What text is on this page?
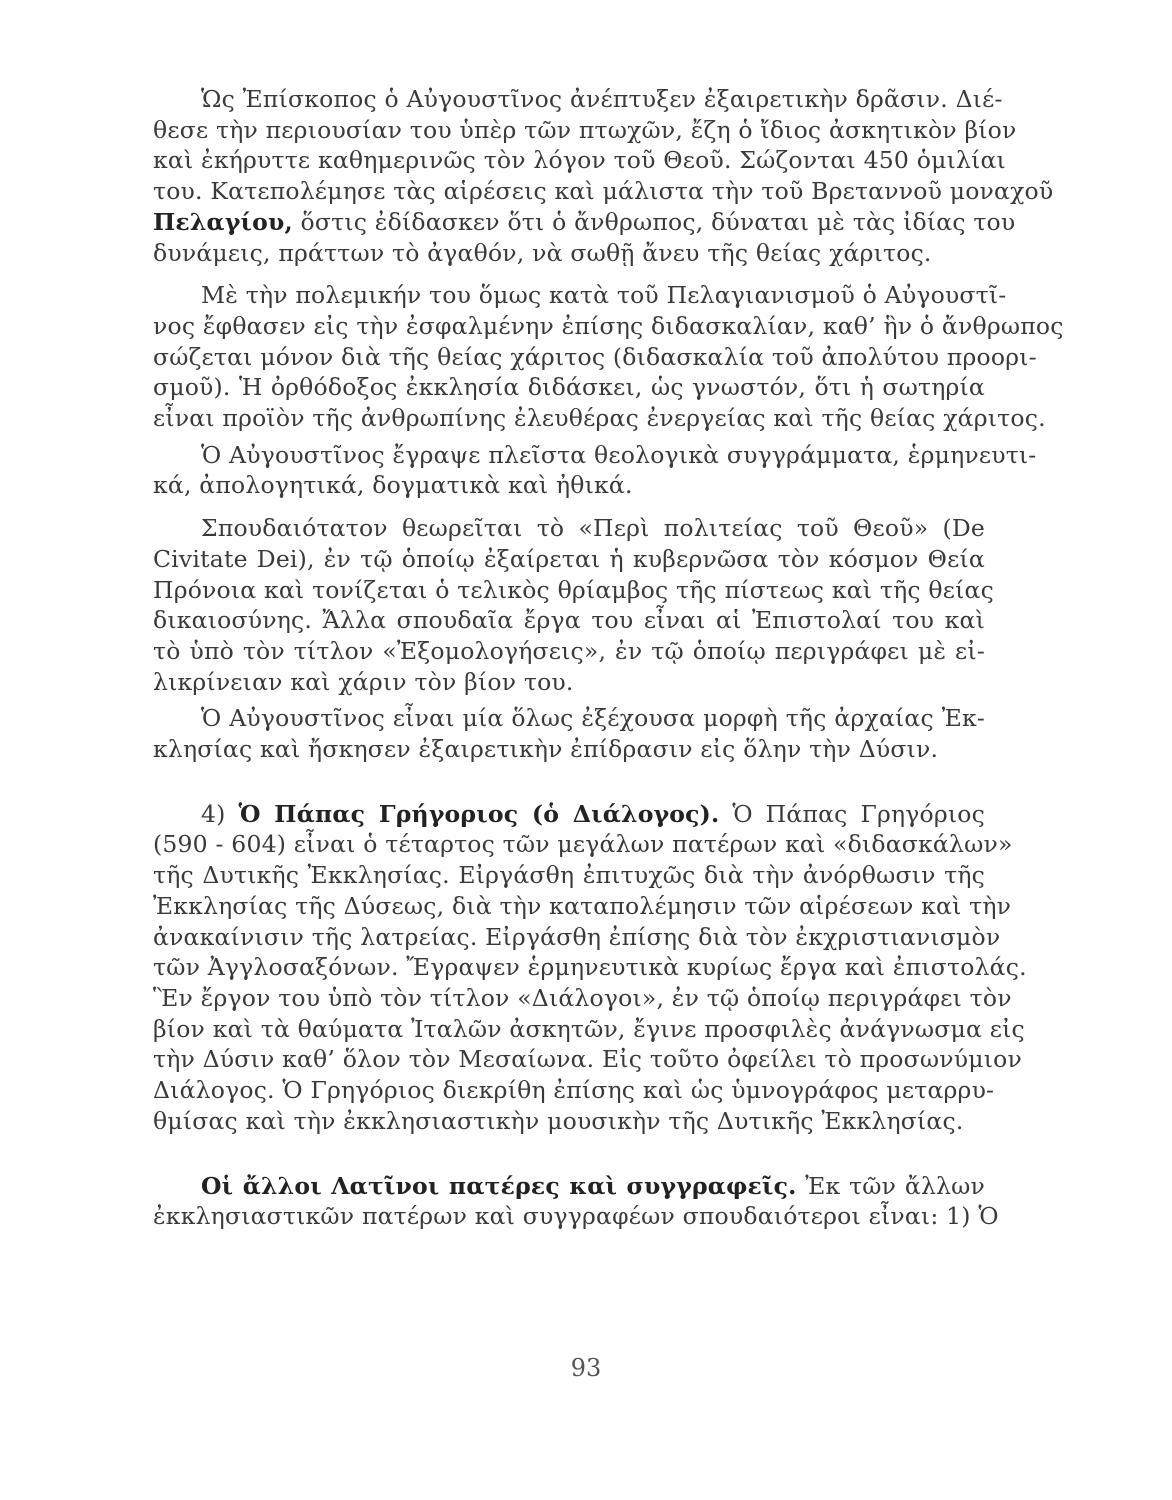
Ὡς Ἐπίσκοπος ὁ Αὐγουστῖνος ἀνέπτυξεν ἐξαιρετικὴν δρᾶσιν. Διέ-
θεσε τὴν περιουσίαν του ὑπὲρ τῶν πτωχῶν, ἔζη ὁ ἴδιος ἀσκητικὸν βίον
καὶ ἐκήρυττε καθημερινῶς τὸν λόγον τοῦ Θεοῦ. Σώζονται 450 ὁμιλίαι
του. Κατεπολέμησε τὰς αἱρέσεις καὶ μάλιστα τὴν τοῦ Βρεταννοῦ μοναχοῦ
Πελαγίου, ὅστις ἐδίδασκεν ὅτι ὁ ἄνθρωπος, δύναται μὲ τὰς ἰδίας του
δυνάμεις, πράττων τὸ ἀγαθόν, νὰ σωθῇ ἄνευ τῆς θείας χάριτος.

Μὲ τὴν πολεμικήν του ὅμως κατὰ τοῦ Πελαγιανισμοῦ ὁ Αὐγουστῖ-
νος ἔφθασεν εἰς τὴν ἐσφαλμένην ἐπίσης διδασκαλίαν, καθ’ ἣν ὁ ἄνθρωπος
σώζεται μόνον διὰ τῆς θείας χάριτος (διδασκαλία τοῦ ἀπολύτου προορι-
σμοῦ). Ἡ ὀρθόδοξος ἐκκλησία διδάσκει, ὡς γνωστόν, ὅτι ἡ σωτηρία
εἶναι προϊὸν τῆς ἀνθρωπίνης ἐλευθέρας ἐνεργείας καὶ τῆς θείας χάριτος.

Ὁ Αὐγουστῖνος ἔγραψε πλεῖστα θεολογικὰ συγγράμματα, ἑρμηνευτι-
κά, ἀπολογητικά, δογματικὰ καὶ ἠθικά.

Σπουδαιότατον θεωρεῖται τὸ «Περὶ πολιτείας τοῦ Θεοῦ» (De
Civitate Dei), ἐν τῷ ὁποίῳ ἐξαίρεται ἡ κυβερνῶσα τὸν κόσμον Θεία
Πρόνοια καὶ τονίζεται ὁ τελικὸς θρίαμβος τῆς πίστεως καὶ τῆς θείας
δικαιοσύνης. Ἄλλα σπουδαῖα ἔργα του εἶναι αἱ Ἐπιστολαί του καὶ
τὸ ὑπὸ τὸν τίτλον «Ἐξομολογήσεις», ἐν τῷ ὁποίῳ περιγράφει μὲ εἰ-
λικρίνειαν καὶ χάριν τὸν βίον του.

Ὁ Αὐγουστῖνος εἶναι μία ὅλως ἐξέχουσα μορφὴ τῆς ἀρχαίας Ἐκ-
κλησίας καὶ ἤσκησεν ἐξαιρετικὴν ἐπίδρασιν εἰς ὅλην τὴν Δύσιν.

4) Ὁ Πάπας Γρήγοριος (ὁ Διάλογος). Ὁ Πάπας Γρηγόριος
(590 - 604) εἶναι ὁ τέταρτος τῶν μεγάλων πατέρων καὶ «διδασκάλων»
τῆς Δυτικῆς Ἐκκλησίας. Εἰργάσθη ἐπιτυχῶς διὰ τὴν ἀνόρθωσιν τῆς
Ἐκκλησίας τῆς Δύσεως, διὰ τὴν καταπολέμησιν τῶν αἱρέσεων καὶ τὴν
ἀνακαίνισιν τῆς λατρείας. Εἰργάσθη ἐπίσης διὰ τὸν ἐκχριστιανισμὸν
τῶν Ἀγγλοσαξόνων. Ἔγραψεν ἑρμηνευτικὰ κυρίως ἔργα καὶ ἐπιστολάς.
Ἓν ἔργον του ὑπὸ τὸν τίτλον «Διάλογοι», ἐν τῷ ὁποίῳ περιγράφει τὸν
βίον καὶ τὰ θαύματα Ἰταλῶν ἀσκητῶν, ἔγινε προσφιλὲς ἀνάγνωσμα εἰς
τὴν Δύσιν καθ’ ὅλον τὸν Μεσαίωνα. Εἰς τοῦτο ὀφείλει τὸ προσωνύμιον
Διάλογος. Ὁ Γρηγόριος διεκρίθη ἐπίσης καὶ ὡς ὑμνογράφος μεταρρυ-
θμίσας καὶ τὴν ἐκκλησιαστικὴν μουσικὴν τῆς Δυτικῆς Ἐκκλησίας.

Οἱ ἄλλοι Λατῖνοι πατέρες καὶ συγγραφεῖς. Ἐκ τῶν ἄλλων
ἐκκλησιαστικῶν πατέρων καὶ συγγραφέων σπουδαιότεροι εἶναι: 1) Ὁ

93
